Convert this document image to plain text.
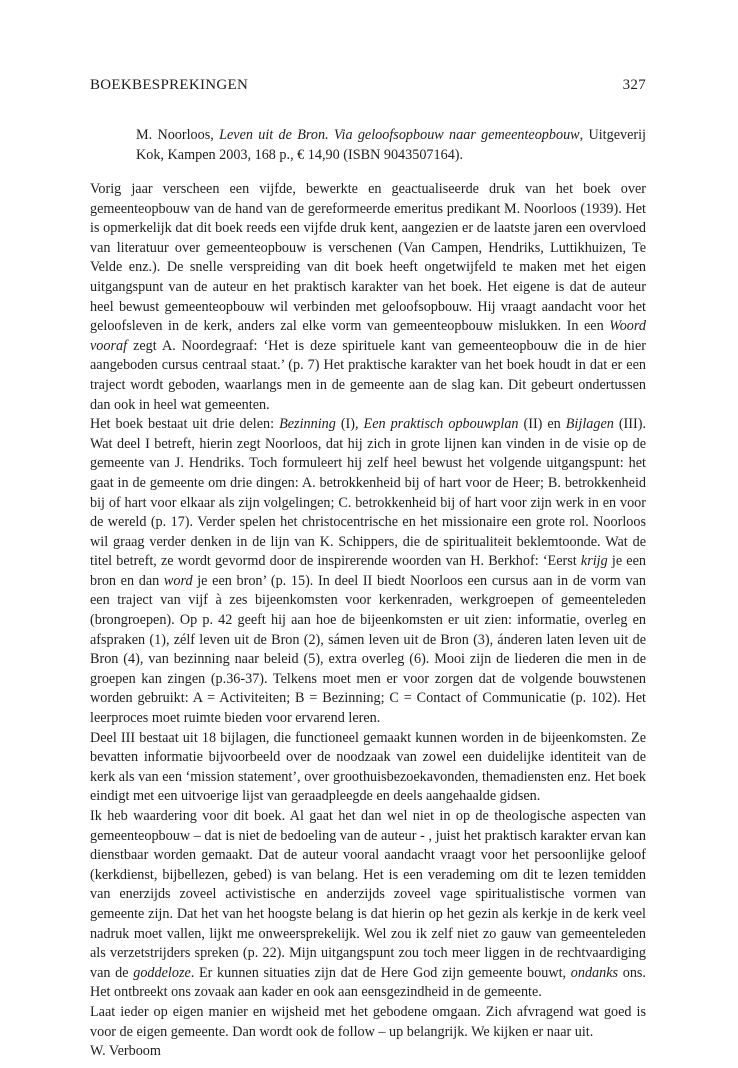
BOEKBESPREKINGEN	327
M. Noorloos, Leven uit de Bron. Via geloofsopbouw naar gemeenteopbouw, Uitgeverij Kok, Kampen 2003, 168 p., € 14,90 (ISBN 9043507164).

Vorig jaar verscheen een vijfde, bewerkte en geactualiseerde druk van het boek over gemeenteopbouw van de hand van de gereformeerde emeritus predikant M. Noorloos (1939). Het is opmerkelijk dat dit boek reeds een vijfde druk kent, aangezien er de laatste jaren een overvloed van literatuur over gemeenteopbouw is verschenen (Van Campen, Hendriks, Luttikhuizen, Te Velde enz.). De snelle verspreiding van dit boek heeft ongetwijfeld te maken met het eigen uitgangspunt van de auteur en het praktisch karakter van het boek. Het eigene is dat de auteur heel bewust gemeenteopbouw wil verbinden met geloofsopbouw. Hij vraagt aandacht voor het geloofsleven in de kerk, anders zal elke vorm van gemeenteopbouw mislukken. In een Woord vooraf zegt A. Noordegraaf: ‘Het is deze spirituele kant van gemeenteopbouw die in de hier aangeboden cursus centraal staat.’ (p. 7) Het praktische karakter van het boek houdt in dat er een traject wordt geboden, waarlangs men in de gemeente aan de slag kan. Dit gebeurt ondertussen dan ook in heel wat gemeenten.

Het boek bestaat uit drie delen: Bezinning (I), Een praktisch opbouwplan (II) en Bijlagen (III). Wat deel I betreft, hierin zegt Noorloos, dat hij zich in grote lijnen kan vinden in de visie op de gemeente van J. Hendriks. Toch formuleert hij zelf heel bewust het volgende uitgangspunt: het gaat in de gemeente om drie dingen: A. betrokkenheid bij of hart voor de Heer; B. betrokkenheid bij of hart voor elkaar als zijn volgelingen; C. betrokkenheid bij of hart voor zijn werk in en voor de wereld (p. 17). Verder spelen het christocentrische en het missionaire een grote rol. Noorloos wil graag verder denken in de lijn van K. Schippers, die de spiritualiteit beklemtoonde. Wat de titel betreft, ze wordt gevormd door de inspirerende woorden van H. Berkhof: ‘Eerst krijg je een bron en dan word je een bron’ (p. 15). In deel II biedt Noorloos een cursus aan in de vorm van een traject van vijf à zes bijeenkomsten voor kerkenraden, werkgroepen of gemeenteleden (brongroepen). Op p. 42 geeft hij aan hoe de bijeenkomsten er uit zien: informatie, overleg en afspraken (1), zélf leven uit de Bron (2), sámen leven uit de Bron (3), ánderen laten leven uit de Bron (4), van bezinning naar beleid (5), extra overleg (6). Mooi zijn de liederen die men in de groepen kan zingen (p.36-37). Telkens moet men er voor zorgen dat de volgende bouwstenen worden gebruikt: A = Activiteiten; B = Bezinning; C = Contact of Communicatie (p. 102). Het leerproces moet ruimte bieden voor ervarend leren.

Deel III bestaat uit 18 bijlagen, die functioneel gemaakt kunnen worden in de bijeenkomsten. Ze bevatten informatie bijvoorbeeld over de noodzaak van zowel een duidelijke identiteit van de kerk als van een ‘mission statement’, over groothuisbezoekavonden, themadiensten enz. Het boek eindigt met een uitvoerige lijst van geraadpleegde en deels aangehaalde gidsen.

Ik heb waardering voor dit boek. Al gaat het dan wel niet in op de theologische aspecten van gemeenteopbouw – dat is niet de bedoeling van de auteur - , juist het praktisch karakter ervan kan dienstbaar worden gemaakt. Dat de auteur vooral aandacht vraagt voor het persoonlijke geloof (kerkdienst, bijbellezen, gebed) is van belang. Het is een verademing om dit te lezen temidden van enerzijds zoveel activistische en anderzijds zoveel vage spiritualistische vormen van gemeente zijn. Dat het van het hoogste belang is dat hierin op het gezin als kerkje in de kerk veel nadruk moet vallen, lijkt me onweersprekelijk. Wel zou ik zelf niet zo gauw van gemeenteleden als verzetstrijders spreken (p. 22). Mijn uitgangspunt zou toch meer liggen in de rechtvaardiging van de goddeloze. Er kunnen situaties zijn dat de Here God zijn gemeente bouwt, ondanks ons. Het ontbreekt ons zovaak aan kader en ook aan eensgezindheid in de gemeente.

Laat ieder op eigen manier en wijsheid met het gebodene omgaan. Zich afvragend wat goed is voor de eigen gemeente. Dan wordt ook de follow – up belangrijk. We kijken er naar uit.

W. Verboom
